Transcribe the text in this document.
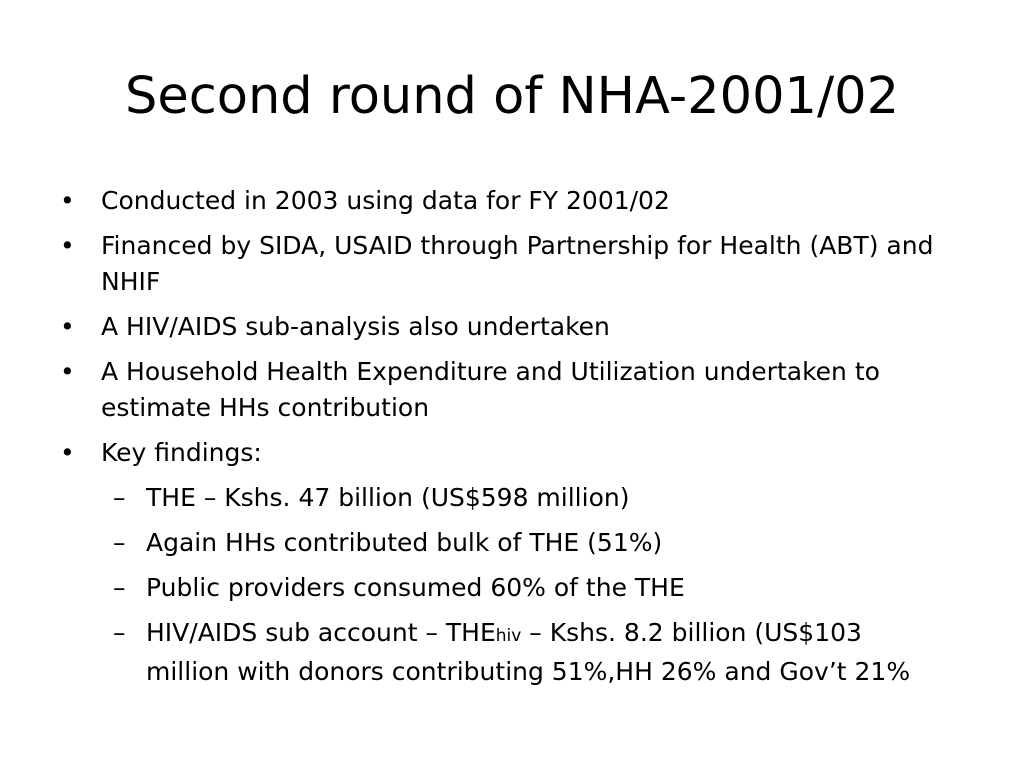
Second round of NHA-2001/02
• Conducted in 2003 using data for FY 2001/02
• Financed by SIDA, USAID through Partnership for Health (ABT) and NHIF
• A HIV/AIDS sub-analysis also undertaken
• A Household Health Expenditure and Utilization undertaken to estimate HHs contribution
• Key findings:
– THE – Kshs. 47 billion (US$598 million)
– Again HHs contributed bulk of THE (51%)
– Public providers consumed 60% of the THE
– HIV/AIDS sub account – THEhiv – Kshs. 8.2 billion (US$103 million with donors contributing 51%,HH 26% and Gov’t 21%
